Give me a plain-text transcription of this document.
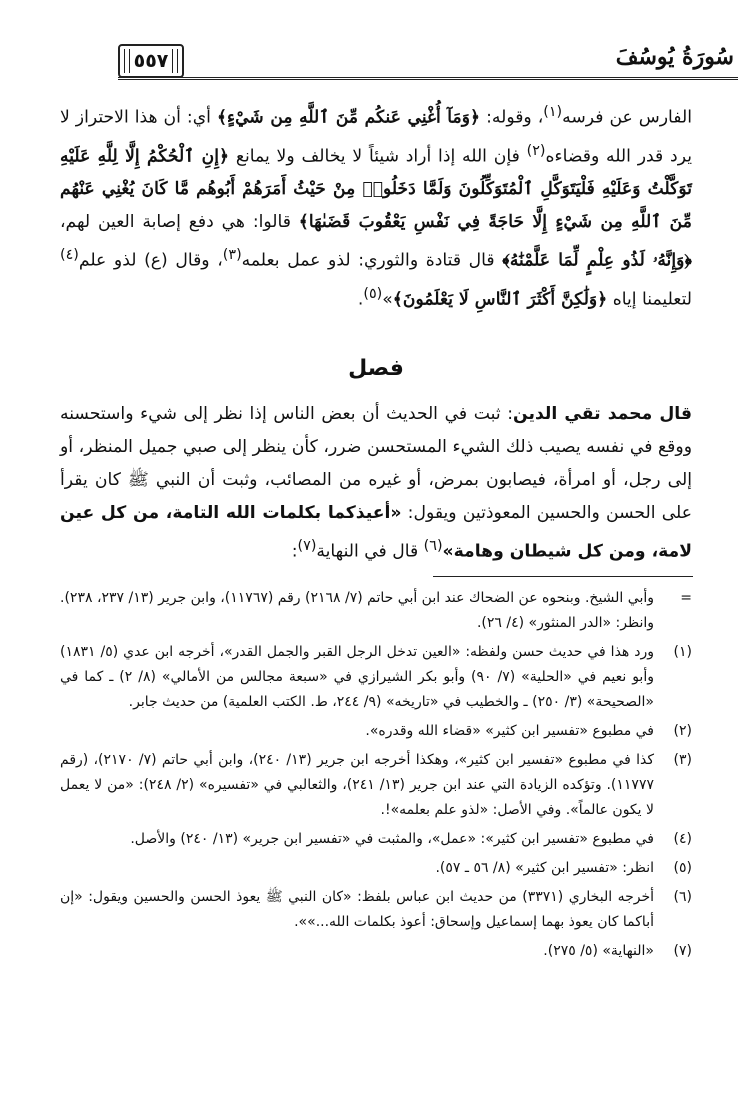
٥٥٧	سُورَةُ يُوسُفَ

الفارس عن فرسه$^{(١)}$، وقوله: ﴿وَمَآ أُغْنِي عَنكُم مِّنَ ٱللَّهِ مِن شَيْءٍ﴾ أي: أن هذا الاحتراز لا يرد قدر الله وقضاءه$^{(٢)}$ فإن الله إذا أراد شيئاً لا يخالف ولا يمانع ﴿إِنِ ٱلْحُكْمُ إِلَّا لِلَّهِ عَلَيْهِ تَوَكَّلْتُ وَعَلَيْهِ فَلْيَتَوَكَّلِ ٱلْمُتَوَكِّلُونَ وَلَمَّا دَخَلُوا۟ مِنْ حَيْثُ أَمَرَهُمْ أَبُوهُم مَّا كَانَ يُغْنِي عَنْهُم مِّنَ ٱللَّهِ مِن شَيْءٍ إِلَّا حَاجَةً فِي نَفْسِ يَعْقُوبَ قَضَىٰهَا﴾ قالوا: هي دفع إصابة العين لهم، ﴿وَإِنَّهُۥ لَذُو عِلْمٍ لِّمَا عَلَّمْنَٰهُ﴾ قال قتادة والثوري: لذو عمل بعلمه$^{(٣)}$، وقال (ع) لذو علم$^{(٤)}$ لتعليمنا إياه ﴿وَلَٰكِنَّ أَكْثَرَ ٱلنَّاسِ لَا يَعْلَمُونَ﴾»$^{(٥)}$.

فصل

قال محمد تقي الدين: ثبت في الحديث أن بعض الناس إذا نظر إلى شيء واستحسنه ووقع في نفسه يصيب ذلك الشيء المستحسن ضرر، كأن ينظر إلى صبي جميل المنظر، أو إلى رجل، أو امرأة، فيصابون بمرض، أو غيره من المصائب، وثبت أن النبي ﷺ كان يقرأ على الحسن والحسين المعوذتين ويقول: «أعيذكما بكلمات الله التامة، من كل عين لامة، ومن كل شيطان وهامة»$^{(٦)}$ قال في النهاية$^{(٧)}$:

=
وأبي الشيخ. وبنحوه عن الضحاك عند ابن أبي حاتم (٧/ ٢١٦٨) رقم (١١٧٦٧)، وابن جرير (١٣/ ٢٣٧، ٢٣٨). وانظر: «الدر المنثور» (٤/ ٢٦).
(١)
ورد هذا في حديث حسن ولفظه: «العين تدخل الرجل القبر والجمل القدر»، أخرجه ابن عدي (٥/ ١٨٣١) وأبو نعيم في «الحلية» (٧/ ٩٠) وأبو بكر الشيرازي في «سبعة مجالس من الأمالي» (٨/ ٢) ـ كما في «الصحيحة» (٣/ ٢٥٠) ـ والخطيب في «تاريخه» (٩/ ٢٤٤، ط. الكتب العلمية) من حديث جابر.
(٢)
في مطبوع «تفسير ابن كثير» «قضاء الله وقدره».
(٣)
كذا في مطبوع «تفسير ابن كثير»، وهكذا أخرجه ابن جرير (١٣/ ٢٤٠)، وابن أبي حاتم (٧/ ٢١٧٠)، (رقم ١١٧٧٧). وتؤكده الزيادة التي عند ابن جرير (١٣/ ٢٤١)، والثعالبي في «تفسيره» (٢/ ٢٤٨): «من لا يعمل لا يكون عالماً». وفي الأصل: «لذو علم بعلمه»!.
(٤)
في مطبوع «تفسير ابن كثير»: «عمل»، والمثبت في «تفسير ابن جرير» (١٣/ ٢٤٠) والأصل.
(٥)
انظر: «تفسير ابن كثير» (٨/ ٥٦ ـ ٥٧).
(٦)
أخرجه البخاري (٣٣٧١) من حديث ابن عباس بلفظ: «كان النبي ﷺ يعوذ الحسن والحسين ويقول: «إن أباكما كان يعوذ بهما إسماعيل وإسحاق: أعوذ بكلمات الله...»».
(٧)
«النهاية» (٥/ ٢٧٥).
